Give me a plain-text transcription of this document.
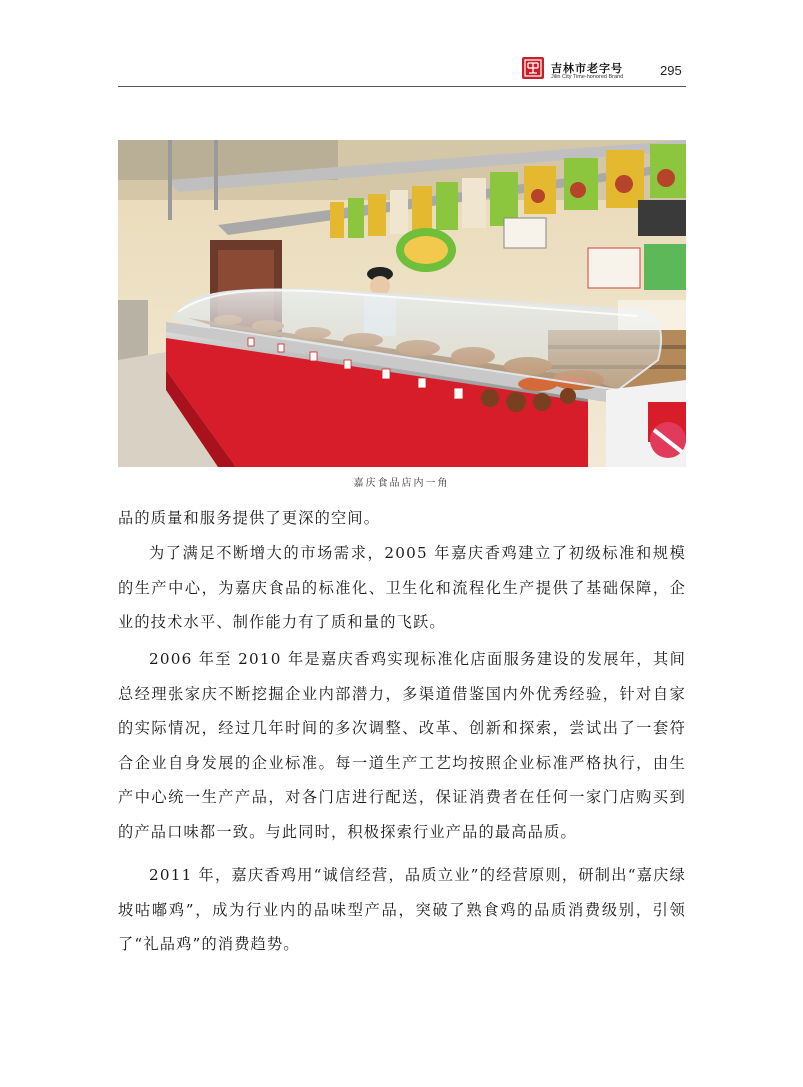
吉林市老字号
Jilin City Time-honored Brand	295
嘉庆食品店内一角

品的质量和服务提供了更深的空间。

为了满足不断增大的市场需求，2005 年嘉庆香鸡建立了初级标准和规模的生产中心，为嘉庆食品的标准化、卫生化和流程化生产提供了基础保障，企业的技术水平、制作能力有了质和量的飞跃。

2006 年至 2010 年是嘉庆香鸡实现标准化店面服务建设的发展年，其间总经理张家庆不断挖掘企业内部潜力，多渠道借鉴国内外优秀经验，针对自家的实际情况，经过几年时间的多次调整、改革、创新和探索，尝试出了一套符合企业自身发展的企业标准。每一道生产工艺均按照企业标准严格执行，由生产中心统一生产产品，对各门店进行配送，保证消费者在任何一家门店购买到的产品口味都一致。与此同时，积极探索行业产品的最高品质。

2011 年，嘉庆香鸡用“诚信经营，品质立业”的经营原则，研制出“嘉庆绿坡咕嘟鸡”，成为行业内的品味型产品，突破了熟食鸡的品质消费级别，引领了“礼品鸡”的消费趋势。
